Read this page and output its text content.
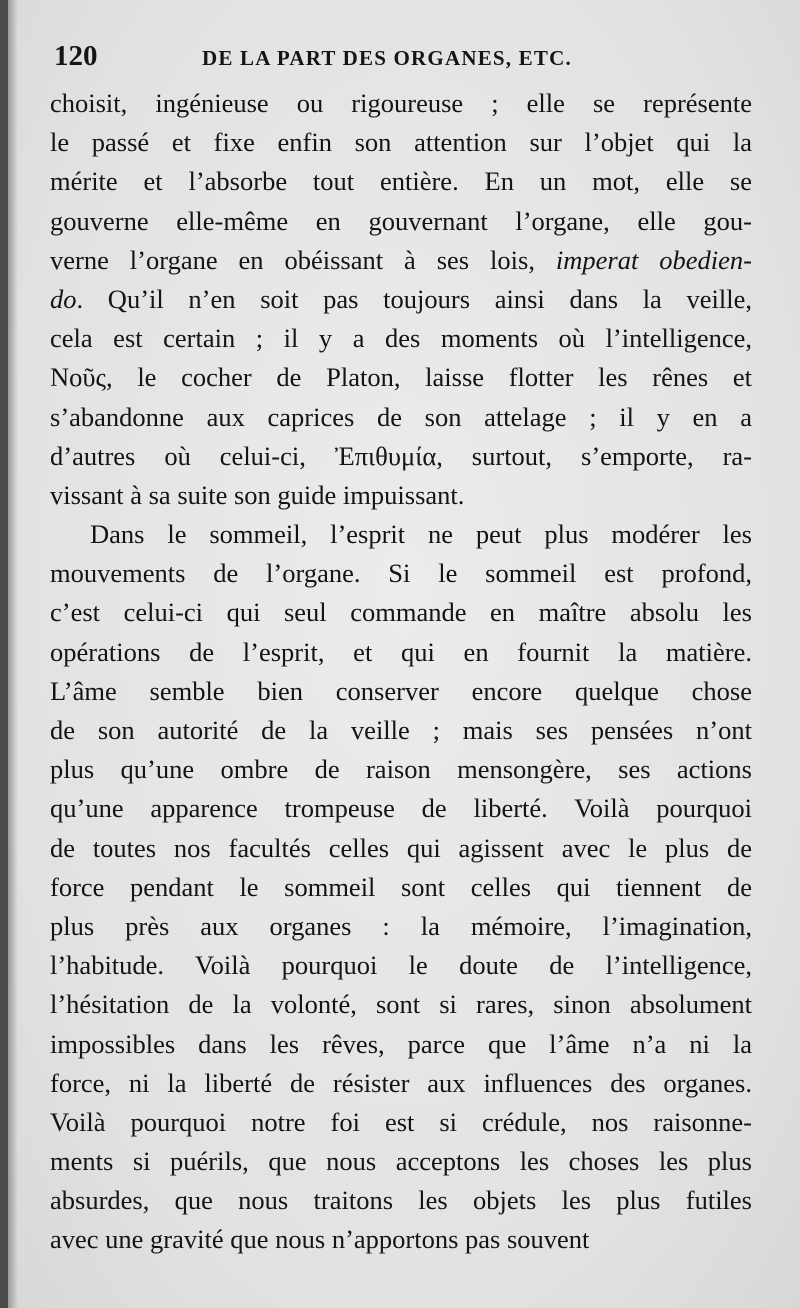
120	DE LA PART DES ORGANES, ETC.
choisit, ingénieuse ou rigoureuse ; elle se représente
le passé et fixe enfin son attention sur l’objet qui la
mérite et l’absorbe tout entière. En un mot, elle se
gouverne elle-même en gouvernant l’organe, elle gou-
verne l’organe en obéissant à ses lois, imperat obedien-
do. Qu’il n’en soit pas toujours ainsi dans la veille,
cela est certain ; il y a des moments où l’intelligence,
Νοῦς, le cocher de Platon, laisse flotter les rênes et
s’abandonne aux caprices de son attelage ; il y en a
d’autres où celui-ci, Ἐπιθυμία, surtout, s’emporte, ra-
vissant à sa suite son guide impuissant.
Dans le sommeil, l’esprit ne peut plus modérer les
mouvements de l’organe. Si le sommeil est profond,
c’est celui-ci qui seul commande en maître absolu les
opérations de l’esprit, et qui en fournit la matière.
L’âme semble bien conserver encore quelque chose
de son autorité de la veille ; mais ses pensées n’ont
plus qu’une ombre de raison mensongère, ses actions
qu’une apparence trompeuse de liberté. Voilà pourquoi
de toutes nos facultés celles qui agissent avec le plus de
force pendant le sommeil sont celles qui tiennent de
plus près aux organes : la mémoire, l’imagination,
l’habitude. Voilà pourquoi le doute de l’intelligence,
l’hésitation de la volonté, sont si rares, sinon absolument
impossibles dans les rêves, parce que l’âme n’a ni la
force, ni la liberté de résister aux influences des organes.
Voilà pourquoi notre foi est si crédule, nos raisonne-
ments si puérils, que nous acceptons les choses les plus
absurdes, que nous traitons les objets les plus futiles
avec une gravité que nous n’apportons pas souvent
